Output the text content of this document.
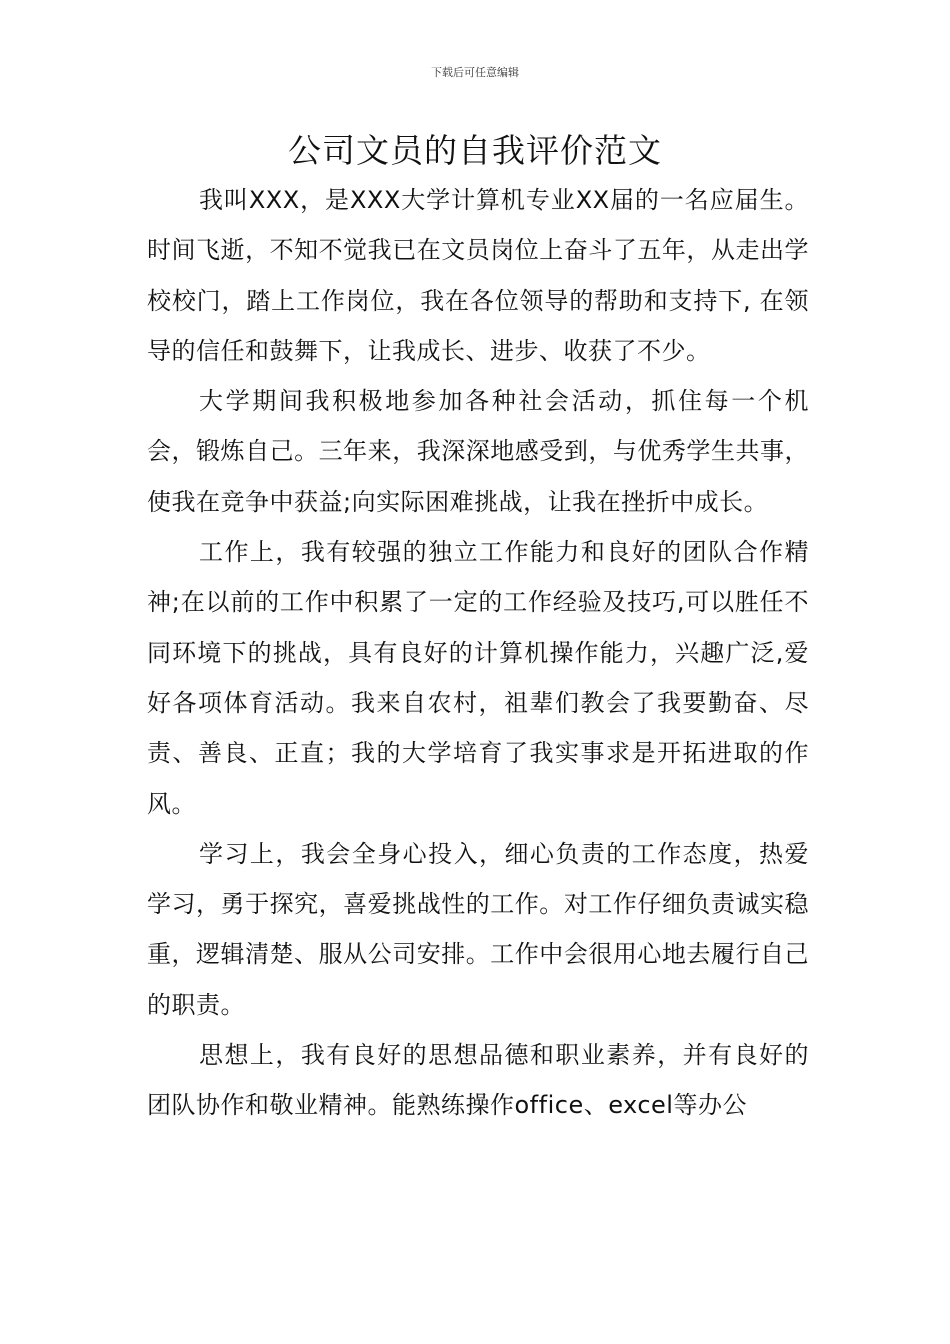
下载后可任意编辑
公司文员的自我评价范文

我叫XXX，是XXX大学计算机专业XX届的一名应届生。时间飞逝，不知不觉我已在文员岗位上奋斗了五年，从走出学校校门，踏上工作岗位，我在各位领导的帮助和支持下, 在领导的信任和鼓舞下，让我成长、进步、收获了不少。

大学期间我积极地参加各种社会活动，抓住每一个机会，锻炼自己。三年来，我深深地感受到，与优秀学生共事，使我在竞争中获益;向实际困难挑战，让我在挫折中成长。

工作上，我有较强的独立工作能力和良好的团队合作精神;在以前的工作中积累了一定的工作经验及技巧,可以胜任不同环境下的挑战，具有良好的计算机操作能力，兴趣广泛,爱好各项体育活动。我来自农村，祖辈们教会了我要勤奋、尽责、善良、正直；我的大学培育了我实事求是开拓进取的作风。

学习上，我会全身心投入，细心负责的工作态度，热爱学习，勇于探究，喜爱挑战性的工作。对工作仔细负责诚实稳重，逻辑清楚、服从公司安排。工作中会很用心地去履行自己的职责。

思想上，我有良好的思想品德和职业素养，并有良好的团队协作和敬业精神。能熟练操作office、excel等办公
